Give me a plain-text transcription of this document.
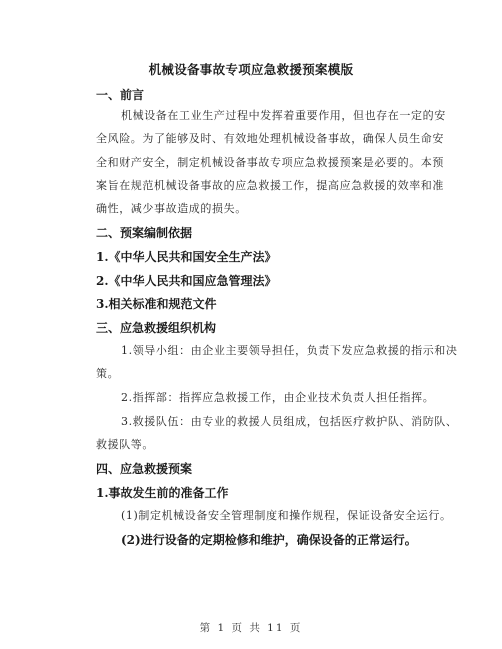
机械设备事故专项应急救援预案模版
一、前言
机械设备在工业生产过程中发挥着重要作用，但也存在一定的安
全风险。为了能够及时、有效地处理机械设备事故，确保人员生命安
全和财产安全，制定机械设备事故专项应急救援预案是必要的。本预
案旨在规范机械设备事故的应急救援工作，提高应急救援的效率和准
确性，减少事故造成的损失。
二、预案编制依据
1.《中华人民共和国安全生产法》
2.《中华人民共和国应急管理法》
3.相关标准和规范文件
三、应急救援组织机构
1.领导小组：由企业主要领导担任，负责下发应急救援的指示和决
策。
2.指挥部：指挥应急救援工作，由企业技术负责人担任指挥。
3.救援队伍：由专业的救援人员组成，包括医疗救护队、消防队、
救援队等。
四、应急救援预案
1.事故发生前的准备工作
(1)制定机械设备安全管理制度和操作规程，保证设备安全运行。
(2)进行设备的定期检修和维护，确保设备的正常运行。
第 1 页 共 11 页
